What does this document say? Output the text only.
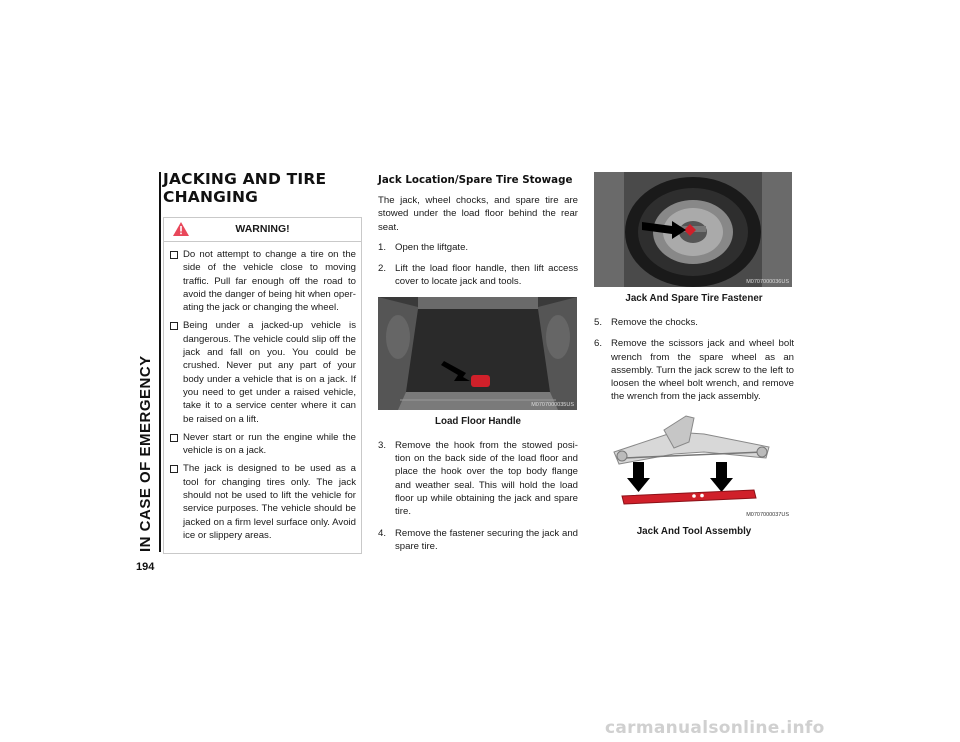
IN CASE OF EMERGENCY
194
JACKING AND TIRE
CHANGING
WARNING!
Do not attempt to change a tire on the side of the vehicle close to moving traffic. Pull far enough off the road to avoid the danger of being hit when oper-ating the jack or changing the wheel.
Being under a jacked-up vehicle is dangerous. The vehicle could slip off the jack and fall on you. You could be crushed. Never put any part of your body under a vehicle that is on a jack. If you need to get under a raised vehicle, take it to a service center where it can be raised on a lift.
Never start or run the engine while the vehicle is on a jack.
The jack is designed to be used as a tool for changing tires only. The jack should not be used to lift the vehicle for service purposes. The vehicle should be jacked on a firm level surface only. Avoid ice or slippery areas.
Jack Location/Spare Tire Stowage

The jack, wheel chocks, and spare tire are stowed under the load floor behind the rear seat.

1. Open the liftgate.
2. Lift the load floor handle, then lift access cover to locate jack and tools.
M0707000035US
Load Floor Handle
3. Remove the hook from the stowed posi-tion on the back side of the load floor and place the hook over the top body flange and weather seal. This will hold the load floor up while obtaining the jack and spare tire.
4. Remove the fastener securing the jack and spare tire.
M0707000036US
Jack And Spare Tire Fastener
5. Remove the chocks.
6. Remove the scissors jack and wheel bolt wrench from the spare wheel as an assembly. Turn the jack screw to the left to loosen the wheel bolt wrench, and remove the wrench from the jack assembly.
M0707000037US
Jack And Tool Assembly
carmanualsonline.info
